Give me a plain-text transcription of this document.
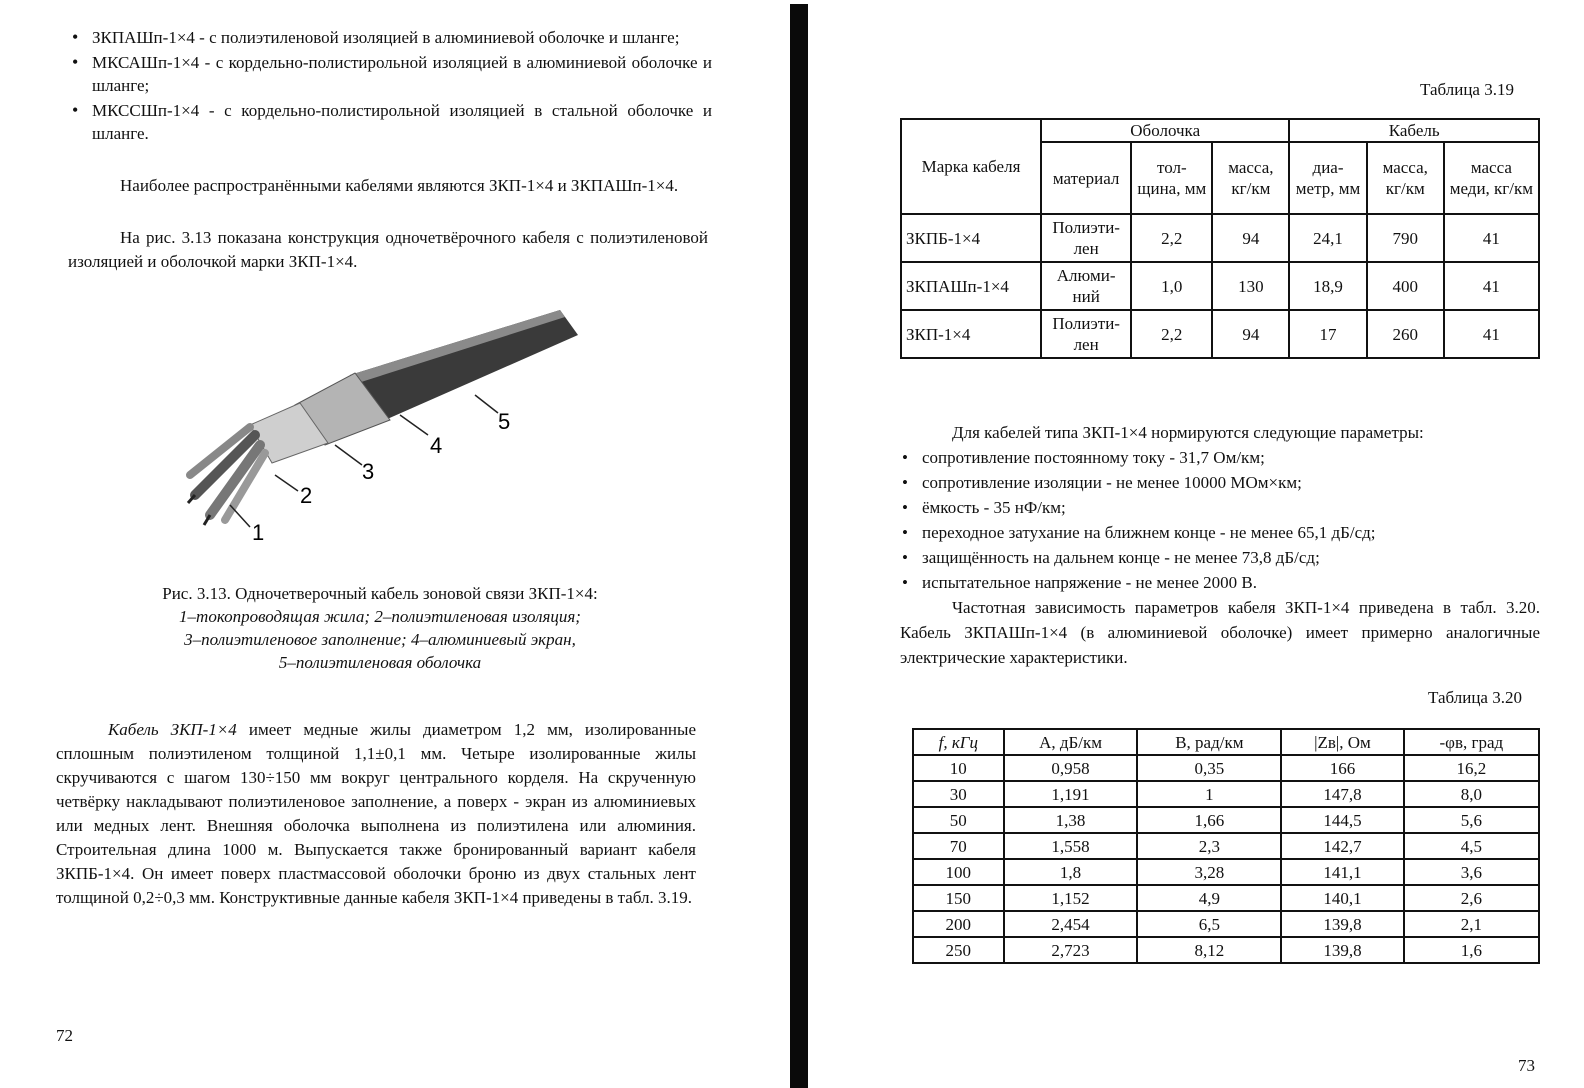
• ЗКПАШп-1×4 - с полиэтиленовой изоляцией в алюминиевой оболочке и шланге;
• МКСАШп-1×4 - с кордельно-полистирольной изоляцией в алюминиевой оболочке и шланге;
• МКССШп-1×4 - с кордельно-полистирольной изоляцией в стальной оболочке и шланге.

Наиболее распространёнными кабелями являются ЗКП-1×4 и ЗКПАШп-1×4.

На рис. 3.13 показана конструкция одночетвёрочного кабеля с полиэтиленовой изоляцией и оболочкой марки ЗКП-1×4.

1
2
3
4
5
Рис. 3.13. Одночетверочный кабель зоновой связи ЗКП-1×4:
1–токопроводящая жила; 2–полиэтиленовая изоляция;
3–полиэтиленовое заполнение; 4–алюминиевый экран,
5–полиэтиленовая оболочка

Кабель ЗКП-1×4 имеет медные жилы диаметром 1,2 мм, изолированные сплошным полиэтиленом толщиной 1,1±0,1 мм. Четыре изолированные жилы скручиваются с шагом 130÷150 мм вокруг центрального корделя. На скрученную четвёрку накладывают полиэтиленовое заполнение, а поверх - экран из алюминиевых или медных лент. Внешняя оболочка выполнена из полиэтилена или алюминия. Строительная длина 1000 м. Выпускается также бронированный вариант кабеля ЗКПБ-1×4. Он имеет поверх пластмассовой оболочки броню из двух стальных лент толщиной 0,2÷0,3 мм. Конструктивные данные кабеля ЗКП-1×4 приведены в табл. 3.19.

72
Таблица 3.19
Марка кабеля	Оболочка			Кабель		
	материал	тол-щина, мм	масса, кг/км	диа-метр, мм	масса, кг/км	масса меди, кг/км
ЗКПБ-1×4	Полиэти-лен	2,2	94	24,1	790	41
ЗКПАШп-1×4	Алюми-ний	1,0	130	18,9	400	41
ЗКП-1×4	Полиэти-лен	2,2	94	17	260	41

Для кабелей типа ЗКП-1×4 нормируются следующие параметры:

• сопротивление постоянному току - 31,7 Ом/км;
• сопротивление изоляции - не менее 10000 МОм×км;
• ёмкость - 35 нФ/км;
• переходное затухание на ближнем конце - не менее 65,1 дБ/сд;
• защищённость на дальнем конце - не менее 73,8 дБ/сд;
• испытательное напряжение - не менее 2000 В.

Частотная зависимость параметров кабеля ЗКП-1×4 приведена в табл. 3.20. Кабель ЗКПАШп-1×4 (в алюминиевой оболочке) имеет примерно аналогичные электрические характеристики.

Таблица 3.20
f, кГц	A, дБ/км	B, рад/км	|Zв|, Ом	-φв, град
10	0,958	0,35	166	16,2
30	1,191	1	147,8	8,0
50	1,38	1,66	144,5	5,6
70	1,558	2,3	142,7	4,5
100	1,8	3,28	141,1	3,6
150	1,152	4,9	140,1	2,6
200	2,454	6,5	139,8	2,1
250	2,723	8,12	139,8	1,6
73
